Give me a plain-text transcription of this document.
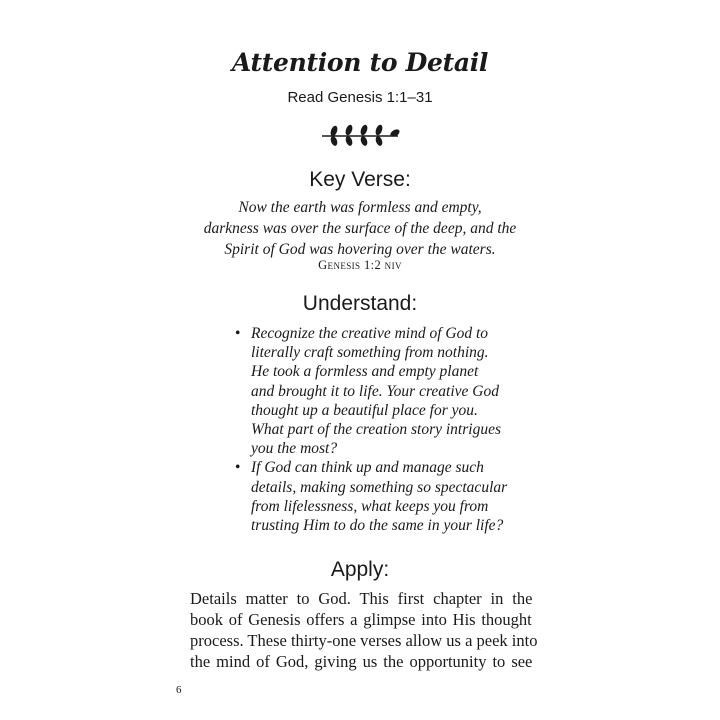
Attention to Detail
Read Genesis 1:1–31
Key Verse:
Now the earth was formless and empty,
darkness was over the surface of the deep, and the
Spirit of God was hovering over the waters.
Genesis 1:2 niv
Understand:
• Recognize the creative mind of God to
literally craft something from nothing.
He took a formless and empty planet
and brought it to life. Your creative God
thought up a beautiful place for you.
What part of the creation story intrigues
you the most?
• If God can think up and manage such
details, making something so spectacular
from lifelessness, what keeps you from
trusting Him to do the same in your life?
Apply:
Details matter to God. This first chapter in the
book of Genesis offers a glimpse into His thought
process. These thirty-one verses allow us a peek into
the mind of God, giving us the opportunity to see
6
